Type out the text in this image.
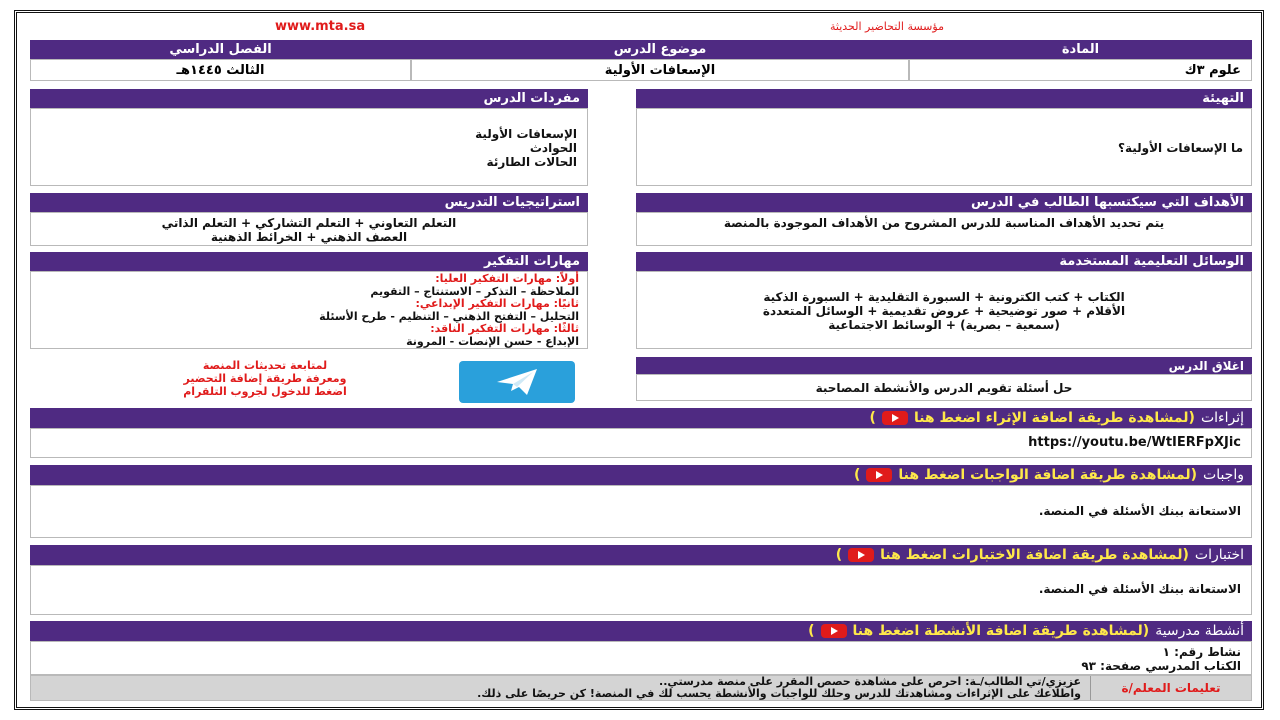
www.mta.sa	مؤسسة التحاضير الحديثة
المادة
موضوع الدرس
الفصل الدراسي
علوم ٣ك
الإسعافات الأولية
الثالث ١٤٤٥هـ
التهيئة
ما الإسعافات الأولية؟
مفردات الدرس
الإسعافات الأولية
الحوادث
الحالات الطارئة
الأهداف التي سيكتسبها الطالب في الدرس
يتم تحديد الأهداف المناسبة للدرس المشروح من الأهداف الموجودة بالمنصة
استراتيجيات التدريس
التعلم التعاوني + التعلم التشاركي + التعلم الذاتي
العصف الذهني + الخرائط الذهنية
الوسائل التعليمية المستخدمة
الكتاب + كتب الكترونية + السبورة التقليدية + السبورة الذكية
الأقلام + صور توضيحية + عروض تقديمية + الوسائل المتعددة
(سمعية – بصرية) + الوسائط الاجتماعية
مهارات التفكير
أولاً: مهارات التفكير العليا:
الملاحظة – التذكر – الاستنتاج – التقويم
ثانيًا: مهارات التفكير الإبداعي:
التحليل – التفتح الذهني – التنظيم - طرح الأسئلة
ثالثًا: مهارات التفكير الناقد:
الإبداع - حسن الإنصات - المرونة
لمتابعة تحديثات المنصة
ومعرفة طريقة إضافة التحضير
اضغط للدخول لجروب التلقرام
اغلاق الدرس
حل أسئلة تقويم الدرس والأنشطة المصاحبة
إثراءات
(لمشاهدة طريقة اضافة الإثراء اضغط هنا
)
https://youtu.be/WtIERFpXJic
واجبات
(لمشاهدة طريقة اضافة الواجبات اضغط هنا
)
الاستعانة ببنك الأسئلة في المنصة.
اختبارات
(لمشاهدة طريقة اضافة الاختبارات اضغط هنا
)
الاستعانة ببنك الأسئلة في المنصة.
أنشطة مدرسية
(لمشاهدة طريقة اضافة الأنشطة اضغط هنا
)
نشاط رقم: ١
الكتاب المدرسي صفحة: ٩٣
تعليمات المعلم/ة
عزيزي/تي الطالب/ـة: احرص على مشاهدة حصص المقرر على منصة مدرستي..
واطلاعك على الإثراءات ومشاهدتك للدرس وحلك للواجبات والأنشطة يحسب لك في المنصة! كن حريصًا على ذلك.
